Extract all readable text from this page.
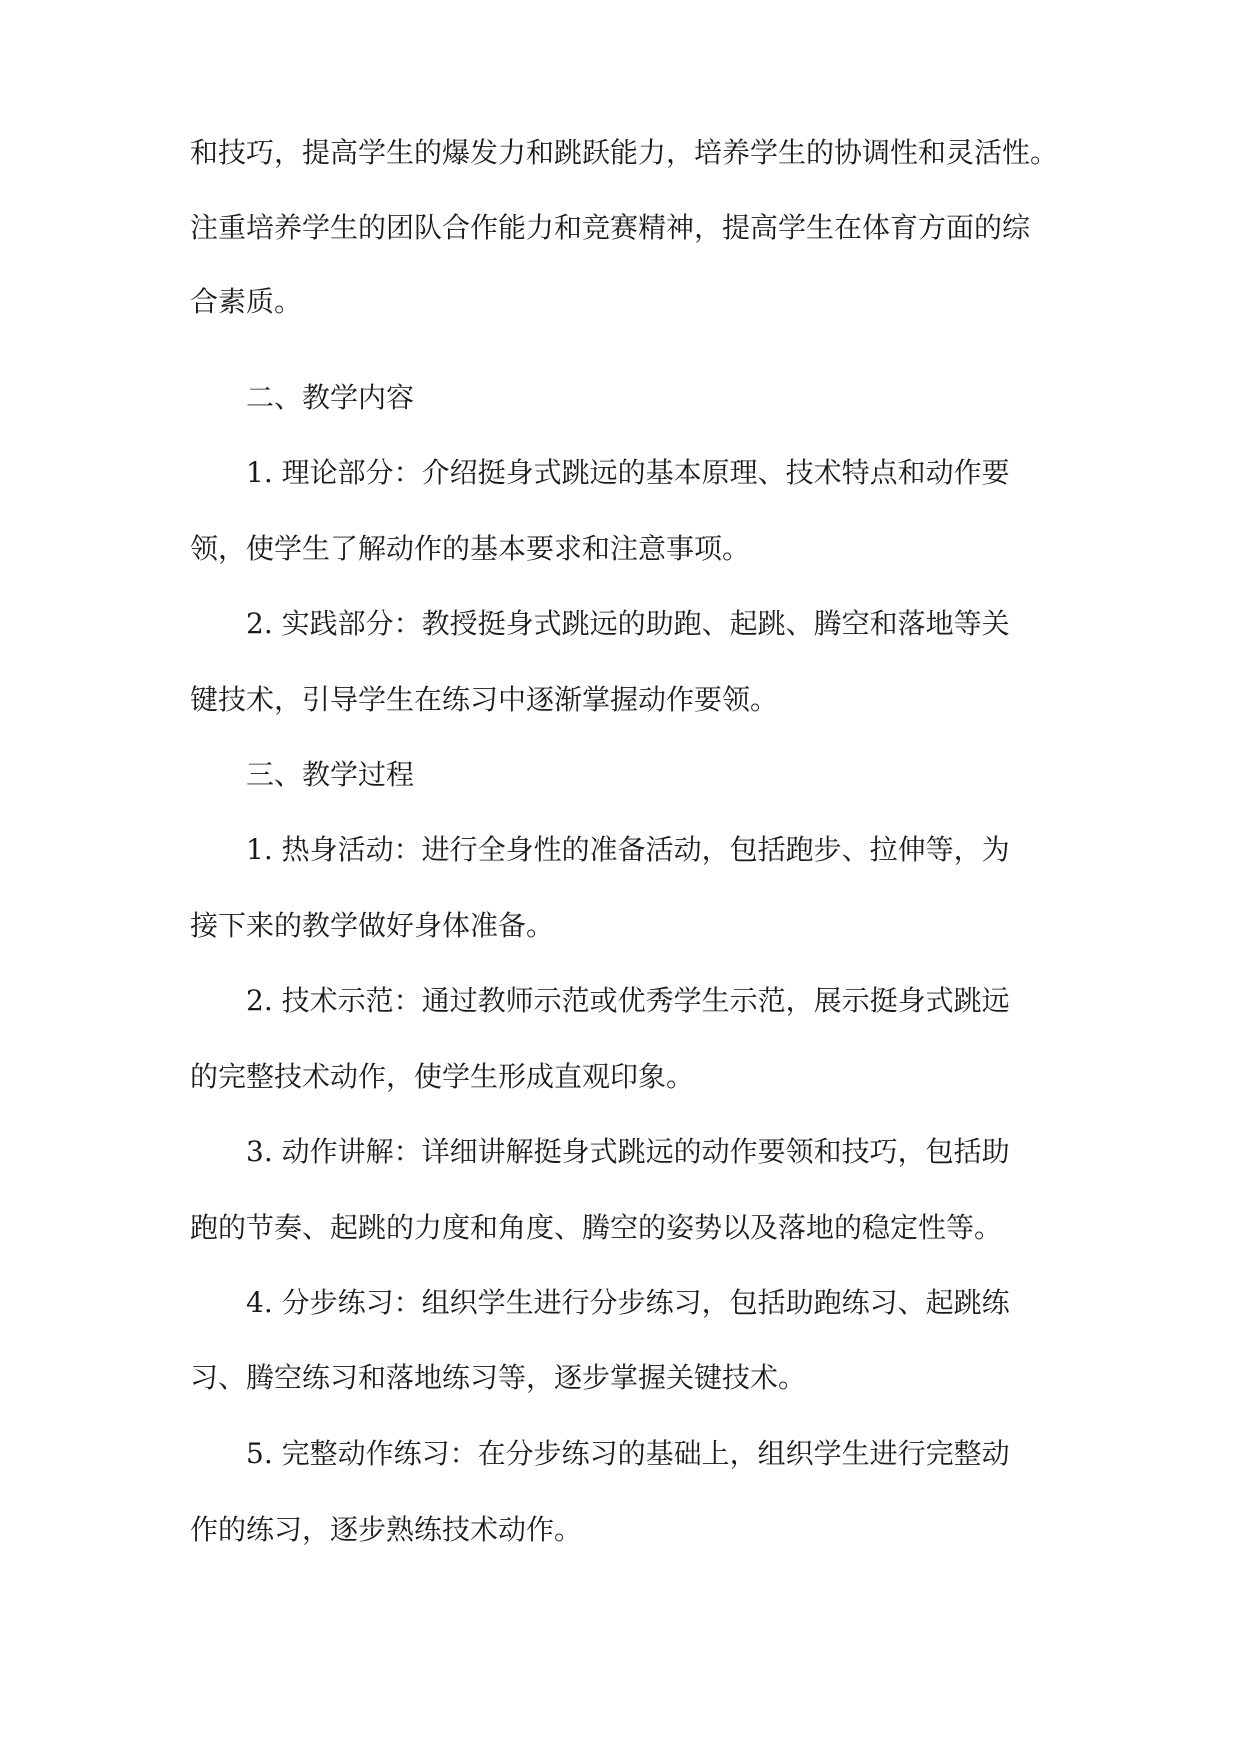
和技巧，提高学生的爆发力和跳跃能力，培养学生的协调性和灵活性。
注重培养学生的团队合作能力和竞赛精神，提高学生在体育方面的综
合素质。
二、教学内容
1. 理论部分：介绍挺身式跳远的基本原理、技术特点和动作要
领，使学生了解动作的基本要求和注意事项。
2. 实践部分：教授挺身式跳远的助跑、起跳、腾空和落地等关
键技术，引导学生在练习中逐渐掌握动作要领。
三、教学过程
1. 热身活动：进行全身性的准备活动，包括跑步、拉伸等，为
接下来的教学做好身体准备。
2. 技术示范：通过教师示范或优秀学生示范，展示挺身式跳远
的完整技术动作，使学生形成直观印象。
3. 动作讲解：详细讲解挺身式跳远的动作要领和技巧，包括助
跑的节奏、起跳的力度和角度、腾空的姿势以及落地的稳定性等。
4. 分步练习：组织学生进行分步练习，包括助跑练习、起跳练
习、腾空练习和落地练习等，逐步掌握关键技术。
5. 完整动作练习：在分步练习的基础上，组织学生进行完整动
作的练习，逐步熟练技术动作。
